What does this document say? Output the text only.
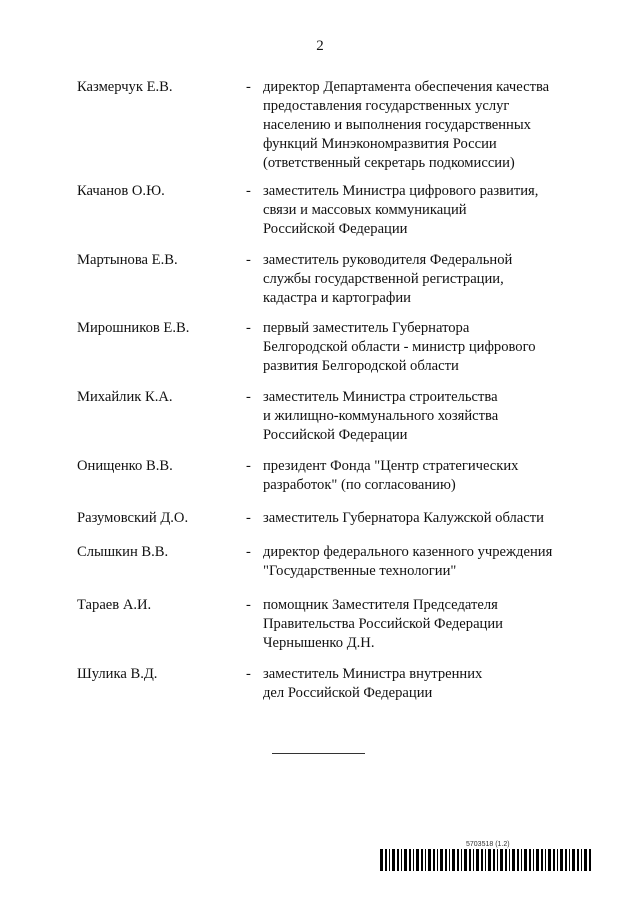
2
Казмерчук Е.В.	- директор Департамента обеспечения качества
предоставления государственных услуг
населению и выполнения государственных
функций Минэкономразвития России
(ответственный секретарь подкомиссии)
Качанов О.Ю.	- заместитель Министра цифрового развития,
связи и массовых коммуникаций
Российской Федерации
Мартынова Е.В.	- заместитель руководителя Федеральной
службы государственной регистрации,
кадастра и картографии
Мирошников Е.В.	- первый заместитель Губернатора
Белгородской области - министр цифрового
развития Белгородской области
Михайлик К.А.	- заместитель Министра строительства
и жилищно-коммунального хозяйства
Российской Федерации
Онищенко В.В.	- президент Фонда "Центр стратегических
разработок" (по согласованию)
Разумовский Д.О.	- заместитель Губернатора Калужской области
Слышкин В.В.	- директор федерального казенного учреждения
"Государственные технологии"
Тараев А.И.	- помощник Заместителя Председателя
Правительства Российской Федерации
Чернышенко Д.Н.
Шулика В.Д.	- заместитель Министра внутренних
дел Российской Федерации
5703518 (1.2)
